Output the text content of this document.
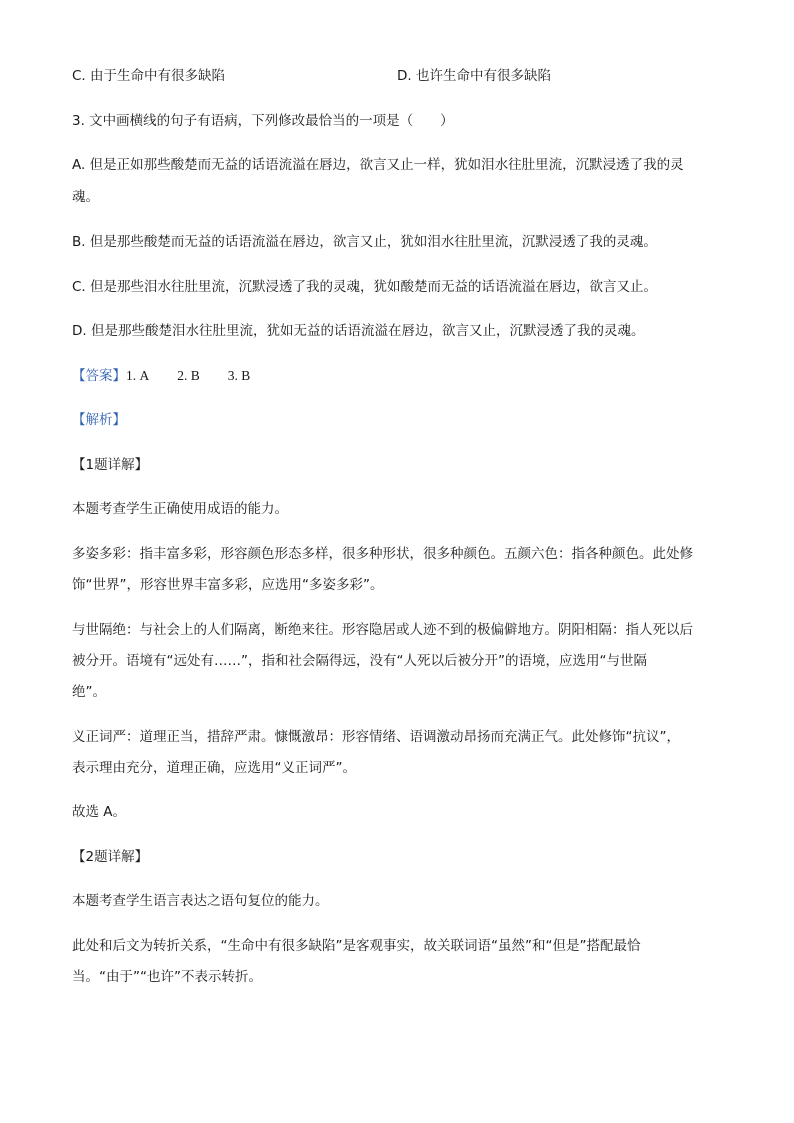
C. 由于生命中有很多缺陷	D. 也许生命中有很多缺陷
3. 文中画横线的句子有语病，下列修改最恰当的一项是（　　）
A. 但是正如那些酸楚而无益的话语流溢在唇边，欲言又止一样，犹如泪水往肚里流，沉默浸透了我的灵
魂。
B. 但是那些酸楚而无益的话语流溢在唇边，欲言又止，犹如泪水往肚里流，沉默浸透了我的灵魂。
C. 但是那些泪水往肚里流，沉默浸透了我的灵魂，犹如酸楚而无益的话语流溢在唇边，欲言又止。
D. 但是那些酸楚泪水往肚里流，犹如无益的话语流溢在唇边，欲言又止，沉默浸透了我的灵魂。
【答案】1. A 2. B 3. B
【解析】
【1题详解】
本题考查学生正确使用成语的能力。
多姿多彩：指丰富多彩，形容颜色形态多样，很多种形状，很多种颜色。五颜六色：指各种颜色。此处修
饰“世界”，形容世界丰富多彩，应选用“多姿多彩”。
与世隔绝：与社会上的人们隔离，断绝来往。形容隐居或人迹不到的极偏僻地方。阴阳相隔：指人死以后
被分开。语境有“远处有……”，指和社会隔得远，没有“人死以后被分开”的语境，应选用“与世隔
绝”。
义正词严：道理正当，措辞严肃。慷慨激昂：形容情绪、语调激动昂扬而充满正气。此处修饰“抗议”，
表示理由充分，道理正确，应选用“义正词严”。
故选 A。
【2题详解】
本题考查学生语言表达之语句复位的能力。
此处和后文为转折关系，“生命中有很多缺陷”是客观事实，故关联词语“虽然”和“但是”搭配最恰
当。“由于”“也许”不表示转折。
